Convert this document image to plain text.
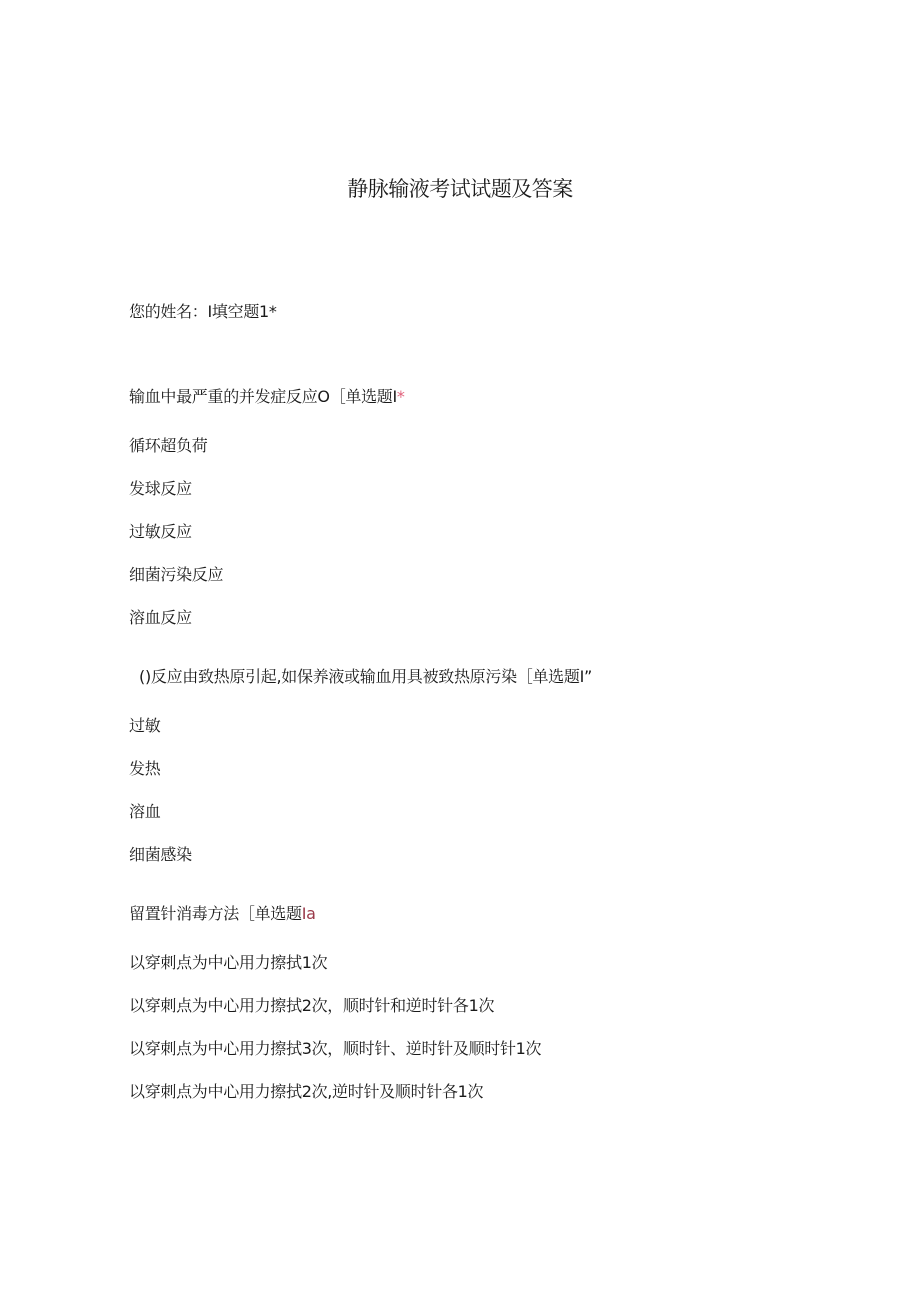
静脉输液考试试题及答案
您的姓名：I填空题1*
输血中最严重的并发症反应O［单选题I*
循环超负荷
发球反应
过敏反应
细菌污染反应
溶血反应
()反应由致热原引起,如保养液或输血用具被致热原污染［单选题I”
过敏
发热
溶血
细菌感染
留置针消毒方法［单选题Ia
以穿刺点为中心用力擦拭1次
以穿刺点为中心用力擦拭2次，顺时针和逆时针各1次
以穿刺点为中心用力擦拭3次，顺时针、逆时针及顺时针1次
以穿刺点为中心用力擦拭2次,逆时针及顺时针各1次
